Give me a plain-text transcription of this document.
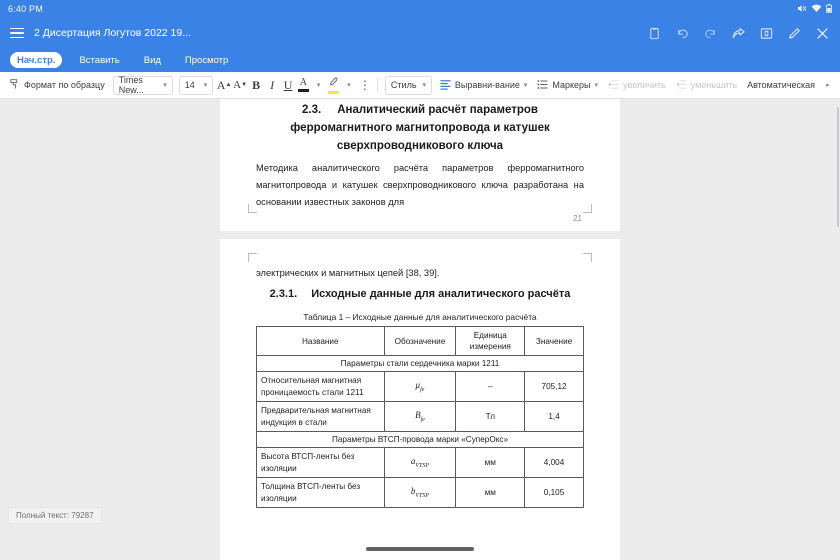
6:40 PM
2 Дисертация Логутов 2022 19...
Нач.стр.	Вставить	Вид	Просмотр
Формат по образцу Times New...	▾ 14 ▾ A ▲ A ▼ B I U A ▾	▾ ⋮ Стиль ▾	Выравни-вание ▾	Маркеры ▾	увеличить	уменьшить Автоматическая ▸
2.3. Аналитический расчёт параметров ферромагнитного магнитопровода и катушек сверхпроводникового ключа
Методика аналитического расчёта параметров ферромагнитного магнитопровода и катушек сверхпроводникового ключа разработана на основании известных законов для
21
электрических и магнитных цепей [38, 39].
2.3.1. Исходные данные для аналитического расчёта
Таблица 1 – Исходные данные для аналитического расчёта
Название	Обозначение	Единица измерения	Значение
Параметры стали сердечника марки 1211			
Относительная магнитная проницаемость стали 1211	$\mu_{fe}$	–	705,12
Предварительная магнитная индукция в стали	$B_{fe}$	Тл	1,4
Параметры ВТСП-провода марки «СуперОкс»			
Высота ВТСП-ленты без изоляции	$a_{VTSP}$	мм	4,004
Толщина ВТСП-ленты без изоляции	$b_{VTSP}$	мм	0,105
Полный текст: 79287
